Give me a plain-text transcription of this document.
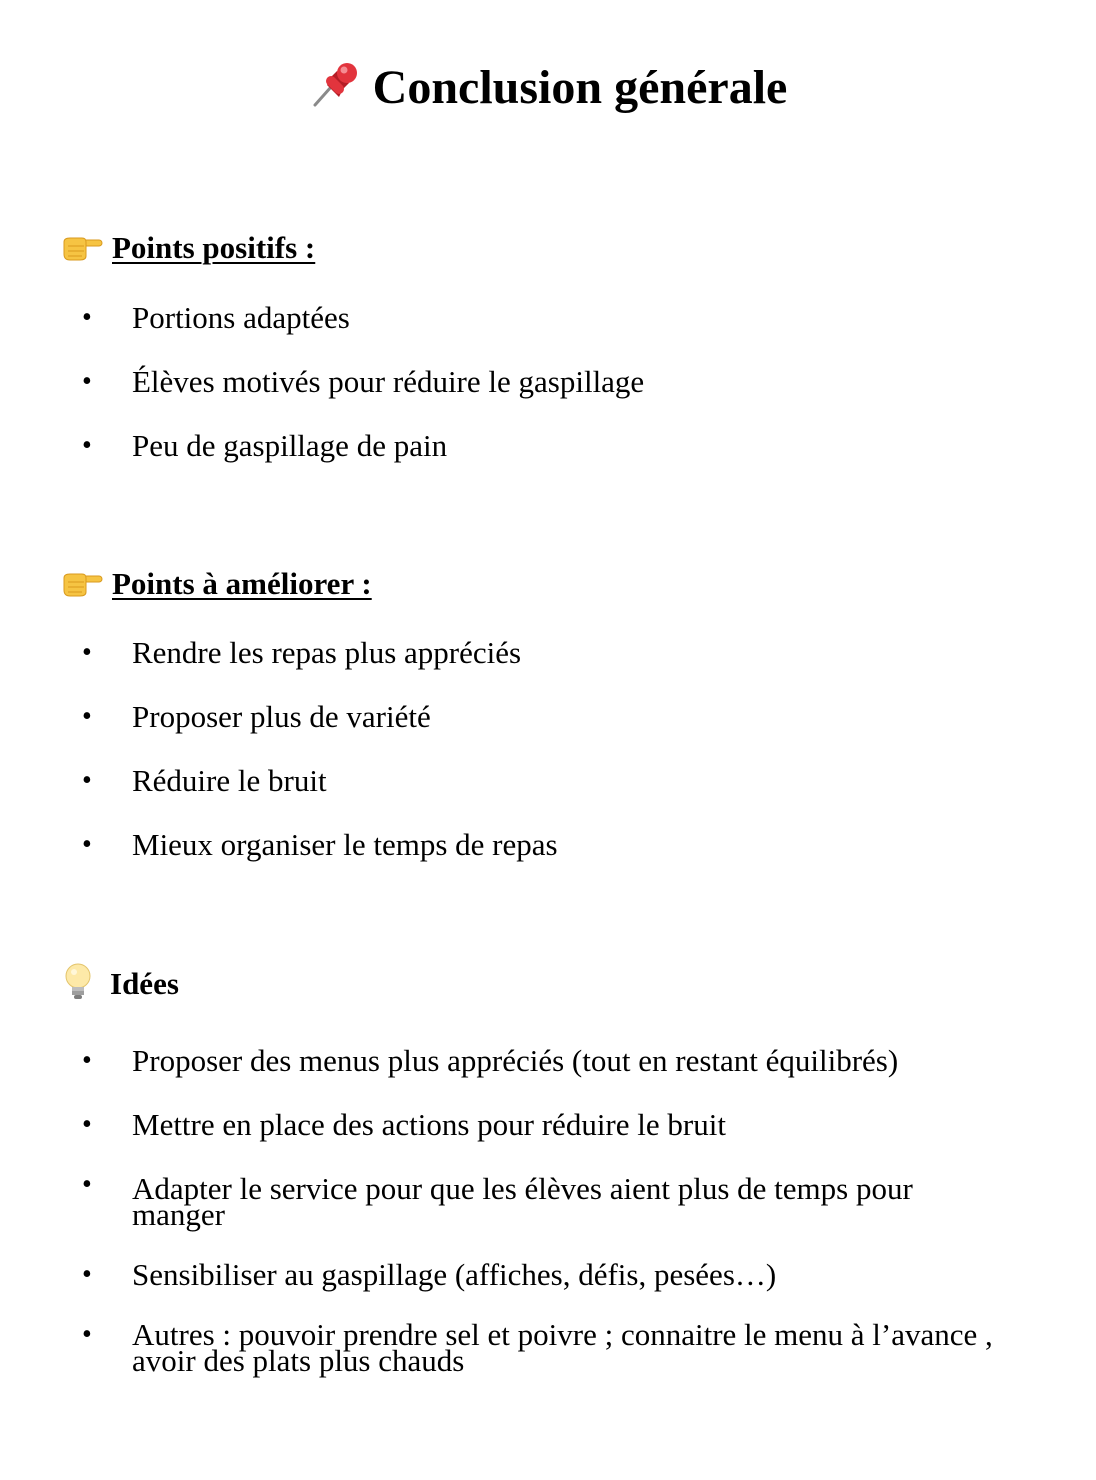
Conclusion générale
Points positifs :
• Portions adaptées
• Élèves motivés pour réduire le gaspillage
• Peu de gaspillage de pain
Points à améliorer :
• Rendre les repas plus appréciés
• Proposer plus de variété
• Réduire le bruit
• Mieux organiser le temps de repas
Idées
• Proposer des menus plus appréciés (tout en restant équilibrés)
• Mettre en place des actions pour réduire le bruit
• Adapter le service pour que les élèves aient plus de temps pour manger
• Sensibiliser au gaspillage (affiches, défis, pesées…)
• Autres : pouvoir prendre sel et poivre ; connaitre le menu à l’avance , avoir des plats plus chauds
